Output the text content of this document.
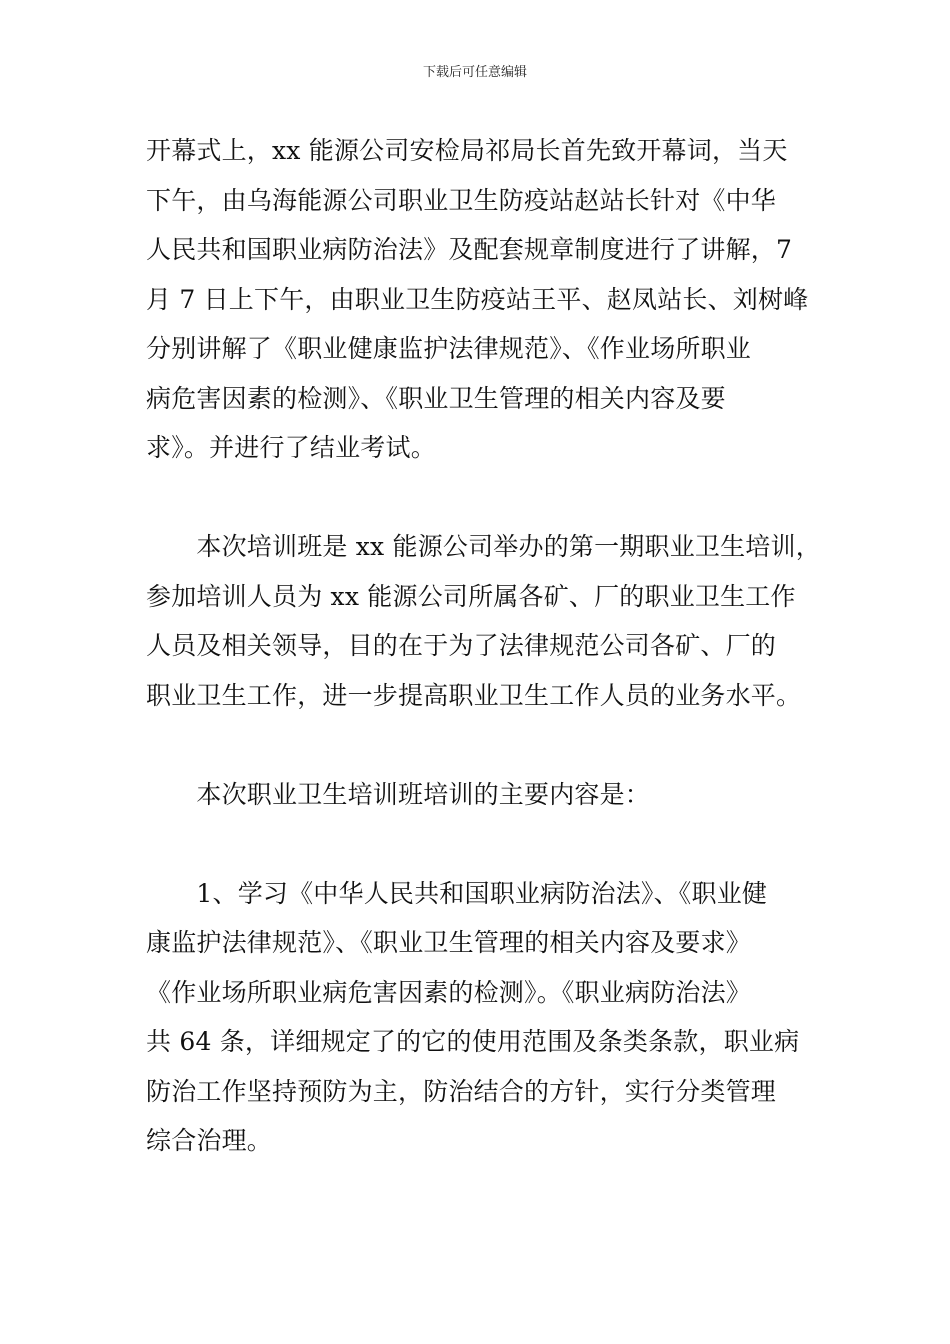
下载后可任意编辑
开幕式上，xx 能源公司安检局祁局长首先致开幕词，当天
下午，由乌海能源公司职业卫生防疫站赵站长针对《中华
人民共和国职业病防治法》及配套规章制度进行了讲解，7
月 7 日上下午，由职业卫生防疫站王平、赵凤站长、刘树峰
分别讲解了《职业健康监护法律规范》、《作业场所职业
病危害因素的检测》、《职业卫生管理的相关内容及要
求》。并进行了结业考试。
　　本次培训班是 xx 能源公司举办的第一期职业卫生培训，
参加培训人员为 xx 能源公司所属各矿、厂的职业卫生工作
人员及相关领导，目的在于为了法律规范公司各矿、厂的
职业卫生工作，进一步提高职业卫生工作人员的业务水平。
　　本次职业卫生培训班培训的主要内容是：
　　1、学习《中华人民共和国职业病防治法》、《职业健
康监护法律规范》、《职业卫生管理的相关内容及要求》
《作业场所职业病危害因素的检测》。《职业病防治法》
共 64 条，详细规定了的它的使用范围及条类条款，职业病
防治工作坚持预防为主，防治结合的方针，实行分类管理
综合治理。
